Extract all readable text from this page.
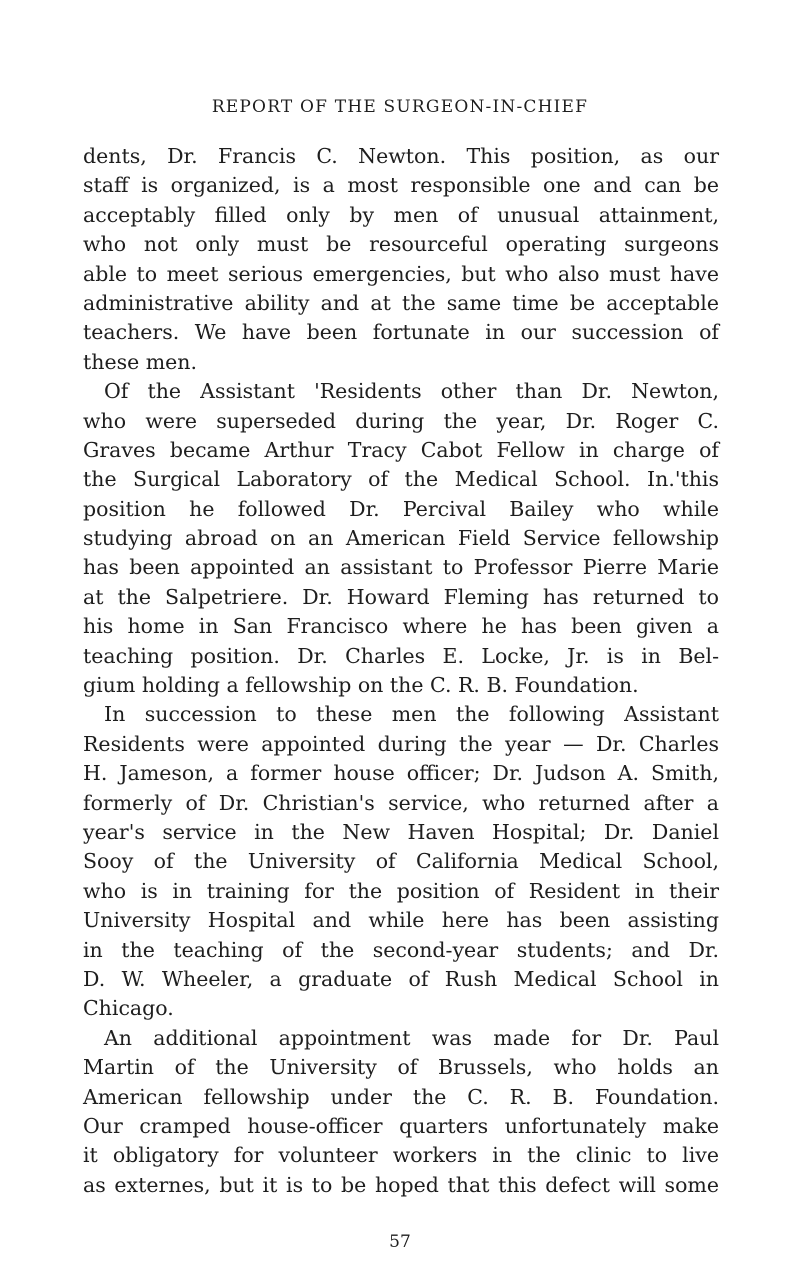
REPORT OF THE SURGEON-IN-CHIEF
dents, Dr. Francis C. Newton. This position, as our
staff is organized, is a most responsible one and can be
acceptably filled only by men of unusual attainment,
who not only must be resourceful operating surgeons
able to meet serious emergencies, but who also must have
administrative ability and at the same time be acceptable
teachers. We have been fortunate in our succession of
these men.
Of the Assistant 'Residents other than Dr. Newton,
who were superseded during the year, Dr. Roger C.
Graves became Arthur Tracy Cabot Fellow in charge of
the Surgical Laboratory of the Medical School. In.'this
position he followed Dr. Percival Bailey who while
studying abroad on an American Field Service fellowship
has been appointed an assistant to Professor Pierre Marie
at the Salpetriere. Dr. Howard Fleming has returned to
his home in San Francisco where he has been given a
teaching position. Dr. Charles E. Locke, Jr. is in Bel-
gium holding a fellowship on the C. R. B. Foundation.
In succession to these men the following Assistant
Residents were appointed during the year — Dr. Charles
H. Jameson, a former house officer; Dr. Judson A. Smith,
formerly of Dr. Christian's service, who returned after a
year's service in the New Haven Hospital; Dr. Daniel
Sooy of the University of California Medical School,
who is in training for the position of Resident in their
University Hospital and while here has been assisting
in the teaching of the second-year students; and Dr.
D. W. Wheeler, a graduate of Rush Medical School in
Chicago.
An additional appointment was made for Dr. Paul
Martin of the University of Brussels, who holds an
American fellowship under the C. R. B. Foundation.
Our cramped house-officer quarters unfortunately make
it obligatory for volunteer workers in the clinic to live
as externes, but it is to be hoped that this defect will some
57
